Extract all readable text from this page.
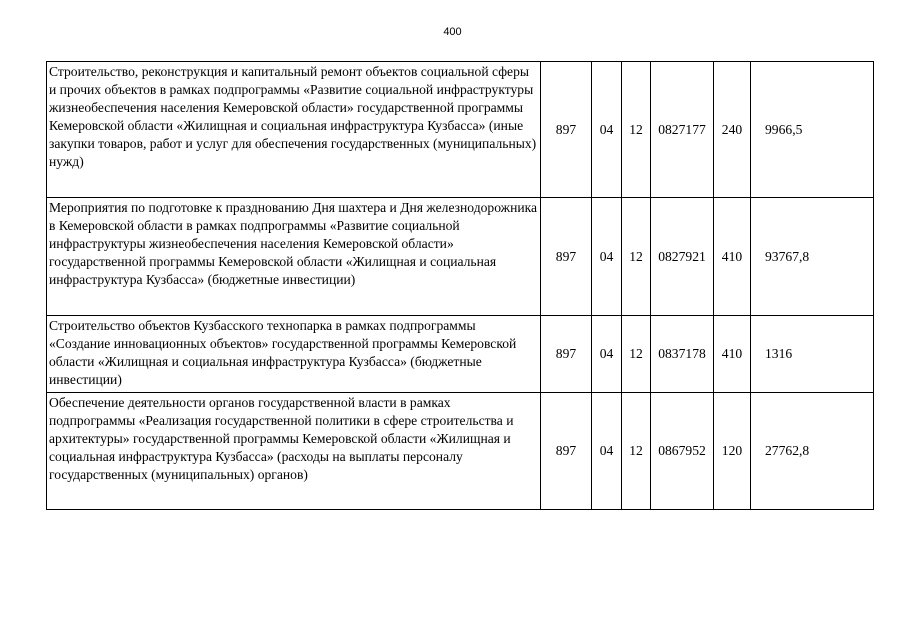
400
Строительство, реконструкция и капитальный ремонт объектов социальной сферы и прочих объектов в рамках подпрограммы «Развитие социальной инфраструктуры жизнеобеспечения населения Кемеровской области» государственной программы Кемеровской области «Жилищная и социальная инфраструктура Кузбасса» (иные закупки товаров, работ и услуг для обеспечения государственных (муниципальных) нужд)	897	04	12	0827177	240	9966,5
Мероприятия по подготовке к празднованию Дня шахтера и Дня железнодорожника в Кемеровской области в рамках подпрограммы «Развитие социальной инфраструктуры жизнеобеспечения населения Кемеровской области» государственной программы Кемеровской области «Жилищная и социальная инфраструктура Кузбасса» (бюджетные инвестиции)	897	04	12	0827921	410	93767,8
Строительство объектов Кузбасского технопарка в рамках подпрограммы «Создание инновационных объектов» государственной программы Кемеровской области «Жилищная и социальная инфраструктура Кузбасса» (бюджетные инвестиции)	897	04	12	0837178	410	1316
Обеспечение деятельности органов государственной власти в рамках подпрограммы «Реализация государственной политики в сфере строительства и архитектуры» государственной программы Кемеровской области «Жилищная и социальная инфраструктура Кузбасса» (расходы на выплаты персоналу государственных (муниципальных) органов)	897	04	12	0867952	120	27762,8
